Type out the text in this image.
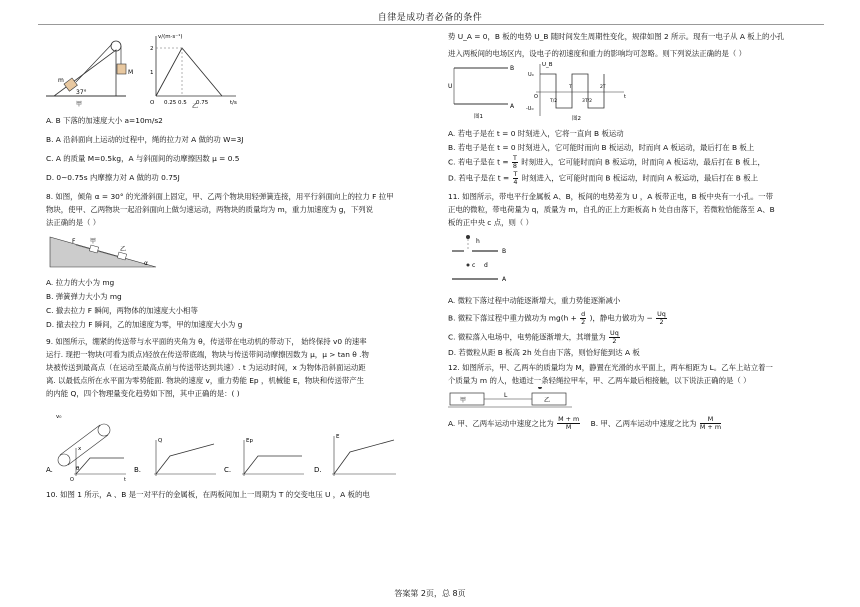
自律是成功者必备的条件
m
37°
M
甲
v/(m·s⁻¹)
t/s
O 0.25 0.5 0.75
1
2
乙
A. B 下落的加速度大小 a=10m/s2
B. A 沿斜面向上运动的过程中，绳的拉力对 A 做的功 W=3J
C. A 的质量 M=0.5kg，A 与斜面间的动摩擦因数 μ = 0.5
D. 0~0.75s 内摩擦力对 A 做的功 0.75J
8. 如图，倾角 α = 30° 的光滑斜面上固定，甲、乙两个物块用轻弹簧连接，用平行斜面向上的拉力 F 拉甲
物块，使甲、乙两物块一起沿斜面向上做匀速运动，两物块的质量均为 m，重力加速度为 g，下列说
法正确的是（ ）
F 甲
乙
α
A. 拉力的大小为 mg
B. 弹簧弹力大小为 mg
C. 撤去拉力 F 瞬间，两物体的加速度大小相等
D. 撤去拉力 F 瞬间，乙的加速度为零，甲的加速度大小为 g
9. 如图所示，绷紧的传送带与水平面的夹角为 θ，传送带在电动机的带动下， 始终保持 v0 的速率
运行. 现把一物块(可看为质点)轻放在传送带底端，物块与传送带间动摩擦因数为 μ，μ > tan θ .物
块被传送到最高点（在运动至最高点前与传送带达到共速）. t 为运动时间，x 为物体沿斜面运动距
离. 以最低点所在水平面为零势能面. 物块的速度 v，重力势能 Ep ，机械能 E，物块和传送带产生
的内能 Q，四个物理量变化趋势如下图，其中正确的是：( )
v₀
θ
A.
x
B.
Q
C.
Ep
D.
E
t
O
10. 如图 1 所示，A 、B 是一对平行的金属板，在两板间加上一周期为 T 的交变电压 U ，A 板的电
势 U_A = 0，B 板的电势 U_B 随时间发生周期性变化，规律如图 2 所示。现有一电子从 A 板上的小孔
进入两板间的电场区内，设电子的初速度和重力的影响均可忽略。则下列说法正确的是（ ）
B
A
U
图1
U_B
U₀
-U₀
O	t
T/2
T
3T/2
2T
图2
A. 若电子是在 t = 0 时刻进入，它将一直向 B 板运动
B. 若电子是在 t = 0 时刻进入，它可能时而向 B 板运动，时而向 A 板运动，最后打在 B 板上
C. 若电子是在 $t = \frac{T}{8}$ 时刻进入，它可能时而向 B 板运动，时而向 A 板运动，最后打在 B 板上，
D. 若电子是在 $t = \frac{T}{4}$ 时刻进入，它可能时而向 B 板运动，时而向 A 板运动，最后打在 B 板上
11. 如图所示，带电平行金属板 A、B，板间的电势差为 U ，A 板带正电，B 板中央有一小孔。一带
正电的微粒，带电荷量为 q，质量为 m，自孔的正上方距板高 h 处自由落下，若微粒恰能落至 A、B
板的正中央 c 点，则（ ）
h
B
c d
A
A. 微粒下落过程中动能逐渐增大，重力势能逐渐减小
B. 微粒下落过程中重力做功为 $mg(h + \frac{d}{2}$ )，静电力做功为 − $\frac{Uq}{2}$
C. 微粒落入电场中，电势能逐渐增大，其增量为 $\frac{Uq}{2}$
D. 若微粒从距 B 板高 2h 处自由下落，则恰好能到达 A 板
12. 如图所示，甲、乙两车的质量均为 M，静置在光滑的水平面上，两车相距为 L。乙车上站立着一
个质量为 m 的人，他通过一条轻绳拉甲车，甲、乙两车最后相接触，以下说法正确的是（ ）
甲	乙
L
A. 甲、乙两车运动中速度之比为 $\frac{M + m}{M} B$. 甲、乙两车运动中速度之比为 $\frac{M}{M + m}$
答案第 2页，总 8页
